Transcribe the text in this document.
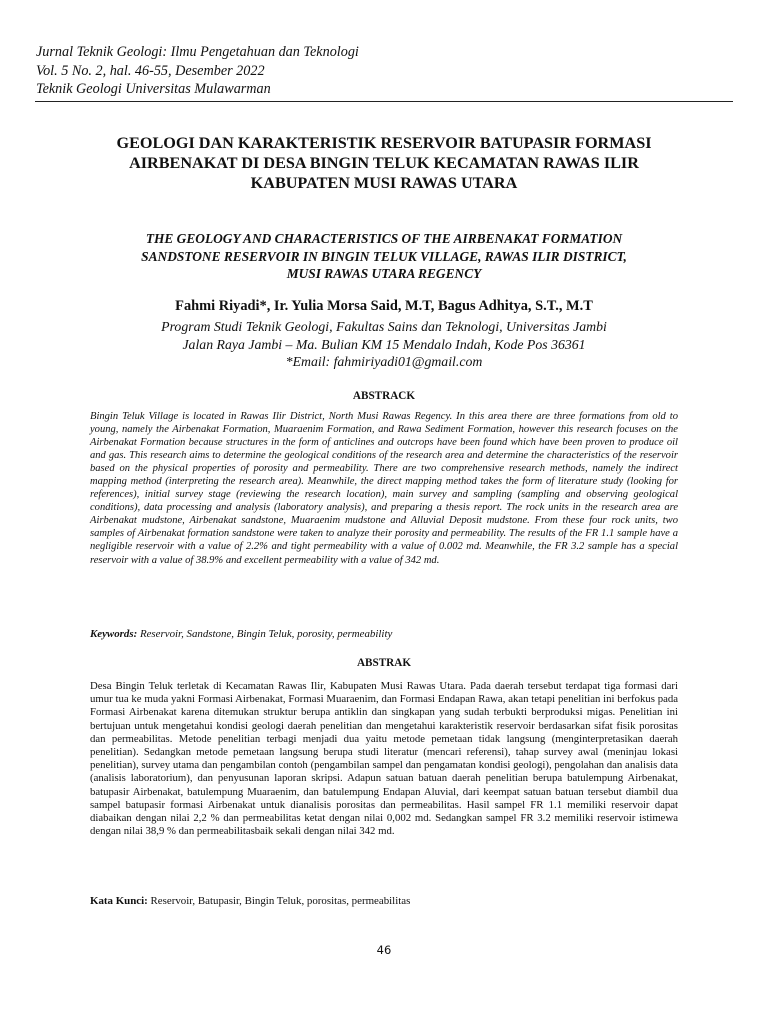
Jurnal Teknik Geologi: Ilmu Pengetahuan dan Teknologi
Vol. 5 No. 2, hal. 46-55, Desember 2022
Teknik Geologi Universitas Mulawarman
GEOLOGI DAN KARAKTERISTIK RESERVOIR BATUPASIR FORMASI
AIRBENAKAT DI DESA BINGIN TELUK KECAMATAN RAWAS ILIR
KABUPATEN MUSI RAWAS UTARA
THE GEOLOGY AND CHARACTERISTICS OF THE AIRBENAKAT FORMATION
SANDSTONE RESERVOIR IN BINGIN TELUK VILLAGE, RAWAS ILIR DISTRICT,
MUSI RAWAS UTARA REGENCY
Fahmi Riyadi*, Ir. Yulia Morsa Said, M.T, Bagus Adhitya, S.T., M.T
Program Studi Teknik Geologi, Fakultas Sains dan Teknologi, Universitas Jambi
Jalan Raya Jambi – Ma. Bulian KM 15 Mendalo Indah, Kode Pos 36361
*Email: fahmiriyadi01@gmail.com
ABSTRACK

Bingin Teluk Village is located in Rawas Ilir District, North Musi Rawas Regency. In this area there are three formations from old to young, namely the Airbenakat Formation, Muaraenim Formation, and Rawa Sediment Formation, however this research focuses on the Airbenakat Formation because structures in the form of anticlines and outcrops have been found which have been proven to produce oil and gas. This research aims to determine the geological conditions of the research area and determine the characteristics of the reservoir based on the physical properties of porosity and permeability. There are two comprehensive research methods, namely the indirect mapping method (interpreting the research area). Meanwhile, the direct mapping method takes the form of literature study (looking for references), initial survey stage (reviewing the research location), main survey and sampling (sampling and observing geological conditions), data processing and analysis (laboratory analysis), and preparing a thesis report. The rock units in the research area are Airbenakat mudstone, Airbenakat sandstone, Muaraenim mudstone and Alluvial Deposit mudstone. From these four rock units, two samples of Airbenakat formation sandstone were taken to analyze their porosity and permeability. The results of the FR 1.1 sample have a negligible reservoir with a value of 2.2% and tight permeability with a value of 0.002 md. Meanwhile, the FR 3.2 sample has a special reservoir with a value of 38.9% and excellent permeability with a value of 342 md.

Keywords: Reservoir, Sandstone, Bingin Teluk, porosity, permeability
ABSTRAK

Desa Bingin Teluk terletak di Kecamatan Rawas Ilir, Kabupaten Musi Rawas Utara. Pada daerah tersebut terdapat tiga formasi dari umur tua ke muda yakni Formasi Airbenakat, Formasi Muaraenim, dan Formasi Endapan Rawa, akan tetapi penelitian ini berfokus pada Formasi Airbenakat karena ditemukan struktur berupa antiklin dan singkapan yang sudah terbukti berproduksi migas. Penelitian ini bertujuan untuk mengetahui kondisi geologi daerah penelitian dan mengetahui karakteristik reservoir berdasarkan sifat fisik porositas dan permeabilitas. Metode penelitian terbagi menjadi dua yaitu metode pemetaan tidak langsung (menginterpretasikan daerah penelitian). Sedangkan metode pemetaan langsung berupa studi literatur (mencari referensi), tahap survey awal (meninjau lokasi penelitian), survey utama dan pengambilan contoh (pengambilan sampel dan pengamatan kondisi geologi), pengolahan dan analisis data (analisis laboratorium), dan penyusunan laporan skripsi. Adapun satuan batuan daerah penelitian berupa batulempung Airbenakat, batupasir Airbenakat, batulempung Muaraenim, dan batulempung Endapan Aluvial, dari keempat satuan batuan tersebut diambil dua sampel batupasir formasi Airbenakat untuk dianalisis porositas dan permeabilitas. Hasil sampel FR 1.1 memiliki reservoir dapat diabaikan dengan nilai 2,2 % dan permeabilitas ketat dengan nilai 0,002 md. Sedangkan sampel FR 3.2 memiliki reservoir istimewa dengan nilai 38,9 % dan permeabilitasbaik sekali dengan nilai 342 md.

Kata Kunci: Reservoir, Batupasir, Bingin Teluk, porositas, permeabilitas
46
